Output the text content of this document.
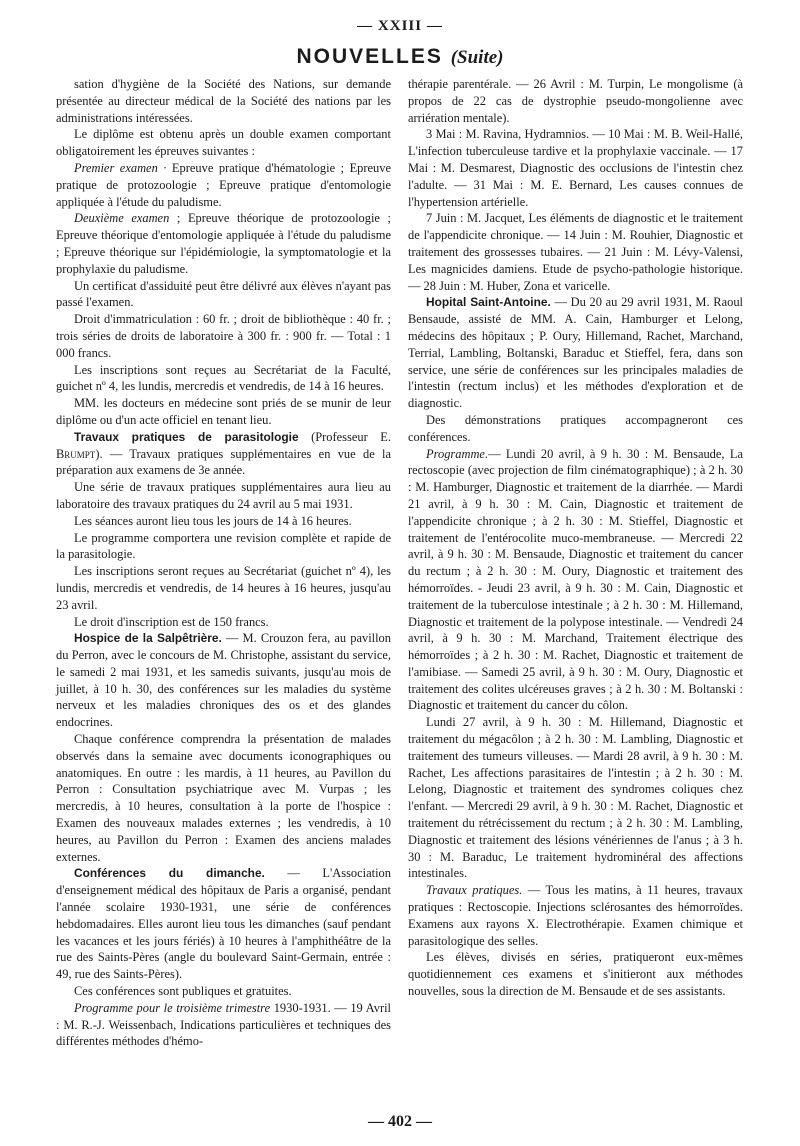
— XXIII —
NOUVELLES (Suite)

sation d'hygiène de la Société des Nations, sur demande présentée au directeur médical de la Société des nations par les administrations intéressées.

Le diplôme est obtenu après un double examen comportant obligatoirement les épreuves suivantes :

Premier examen · Epreuve pratique d'hématologie ; Epreuve pratique de protozoologie ; Epreuve pratique d'entomologie appliquée à l'étude du paludisme.

Deuxième examen ; Epreuve théorique de protozoologie ; Epreuve théorique d'entomologie appliquée à l'étude du paludisme ; Epreuve théorique sur l'épidémiologie, la symptomatologie et la prophylaxie du paludisme.

Un certificat d'assiduité peut être délivré aux élèves n'ayant pas passé l'examen.

Droit d'immatriculation : 60 fr. ; droit de bibliothèque : 40 fr. ; trois séries de droits de laboratoire à 300 fr. : 900 fr. — Total : 1 000 francs.

Les inscriptions sont reçues au Secrétariat de la Faculté, guichet nº 4, les lundis, mercredis et vendredis, de 14 à 16 heures.

MM. les docteurs en médecine sont priés de se munir de leur diplôme ou d'un acte officiel en tenant lieu.

Travaux pratiques de parasitologie (Professeur E. Brumpt). — Travaux pratiques supplémentaires en vue de la préparation aux examens de 3e année.

Une série de travaux pratiques supplémentaires aura lieu au laboratoire des travaux pratiques du 24 avril au 5 mai 1931.

Les séances auront lieu tous les jours de 14 à 16 heures.

Le programme comportera une revision complète et rapide de la parasitologie.

Les inscriptions seront reçues au Secrétariat (guichet nº 4), les lundis, mercredis et vendredis, de 14 heures à 16 heures, jusqu'au 23 avril.

Le droit d'inscription est de 150 francs.

Hospice de la Salpêtrière. — M. Crouzon fera, au pavillon du Perron, avec le concours de M. Christophe, assistant du service, le samedi 2 mai 1931, et les samedis suivants, jusqu'au mois de juillet, à 10 h. 30, des conférences sur les maladies du système nerveux et les maladies chroniques des os et des glandes endocrines.

Chaque conférence comprendra la présentation de malades observés dans la semaine avec documents iconographiques ou anatomiques. En outre : les mardis, à 11 heures, au Pavillon du Perron : Consultation psychiatrique avec M. Vurpas ; les mercredis, à 10 heures, consultation à la porte de l'hospice : Examen des nouveaux malades externes ; les vendredis, à 10 heures, au Pavillon du Perron : Examen des anciens malades externes.

Conférences du dimanche. — L'Association d'enseignement médical des hôpitaux de Paris a organisé, pendant l'année scolaire 1930-1931, une série de conférences hebdomadaires. Elles auront lieu tous les dimanches (sauf pendant les vacances et les jours fériés) à 10 heures à l'amphithéâtre de la rue des Saints-Pères (angle du boulevard Saint-Germain, entrée : 49, rue des Saints-Pères).

Ces conférences sont publiques et gratuites.

Programme pour le troisième trimestre 1930-1931. — 19 Avril : M. R.-J. Weissenbach, Indications particulières et techniques des différentes méthodes d'hémo-

thérapie parentérale. — 26 Avril : M. Turpin, Le mongolisme (à propos de 22 cas de dystrophie pseudo-mongolienne avec arriération mentale).

3 Mai : M. Ravina, Hydramnios. — 10 Mai : M. B. Weil-Hallé, L'infection tuberculeuse tardive et la prophylaxie vaccinale. — 17 Mai : M. Desmarest, Diagnostic des occlusions de l'intestin chez l'adulte. — 31 Mai : M. E. Bernard, Les causes connues de l'hypertension artérielle.

7 Juin : M. Jacquet, Les éléments de diagnostic et le traitement de l'appendicite chronique. — 14 Juin : M. Rouhier, Diagnostic et traitement des grossesses tubaires. — 21 Juin : M. Lévy-Valensi, Les magnicides damiens. Etude de psycho-pathologie historique. — 28 Juin : M. Huber, Zona et varicelle.

Hopital Saint-Antoine. — Du 20 au 29 avril 1931, M. Raoul Bensaude, assisté de MM. A. Cain, Hamburger et Lelong, médecins des hôpitaux ; P. Oury, Hillemand, Rachet, Marchand, Terrial, Lambling, Boltanski, Baraduc et Stieffel, fera, dans son service, une série de conférences sur les principales maladies de l'intestin (rectum inclus) et les méthodes d'exploration et de diagnostic.

Des démonstrations pratiques accompagneront ces conférences.

Programme.— Lundi 20 avril, à 9 h. 30 : M. Bensaude, La rectoscopie (avec projection de film cinématographique) ; à 2 h. 30 : M. Hamburger, Diagnostic et traitement de la diarrhée. — Mardi 21 avril, à 9 h. 30 : M. Cain, Diagnostic et traitement de l'appendicite chronique ; à 2 h. 30 : M. Stieffel, Diagnostic et traitement de l'entérocolite muco-membraneuse. — Mercredi 22 avril, à 9 h. 30 : M. Bensaude, Diagnostic et traitement du cancer du rectum ; à 2 h. 30 : M. Oury, Diagnostic et traitement des hémorroïdes. - Jeudi 23 avril, à 9 h. 30 : M. Cain, Diagnostic et traitement de la tuberculose intestinale ; à 2 h. 30 : M. Hillemand, Diagnostic et traitement de la polypose intestinale. — Vendredi 24 avril, à 9 h. 30 : M. Marchand, Traitement électrique des hémorroïdes ; à 2 h. 30 : M. Rachet, Diagnostic et traitement de l'amibiase. — Samedi 25 avril, à 9 h. 30 : M. Oury, Diagnostic et traitement des colites ulcéreuses graves ; à 2 h. 30 : M. Boltanski : Diagnostic et traitement du cancer du côlon.

Lundi 27 avril, à 9 h. 30 : M. Hillemand, Diagnostic et traitement du mégacôlon ; à 2 h. 30 : M. Lambling, Diagnostic et traitement des tumeurs villeuses. — Mardi 28 avril, à 9 h. 30 : M. Rachet, Les affections parasitaires de l'intestin ; à 2 h. 30 : M. Lelong, Diagnostic et traitement des syndromes coliques chez l'enfant. — Mercredi 29 avril, à 9 h. 30 : M. Rachet, Diagnostic et traitement du rétrécissement du rectum ; à 2 h. 30 : M. Lambling, Diagnostic et traitement des lésions vénériennes de l'anus ; à 3 h. 30 : M. Baraduc, Le traitement hydrominéral des affections intestinales.

Travaux pratiques. — Tous les matins, à 11 heures, travaux pratiques : Rectoscopie. Injections sclérosantes des hémorroïdes. Examens aux rayons X. Electrothérapie. Examen chimique et parasitologique des selles.

Les élèves, divisés en séries, pratiqueront eux-mêmes quotidiennement ces examens et s'initieront aux méthodes nouvelles, sous la direction de M. Bensaude et de ses assistants.

— 402 —
